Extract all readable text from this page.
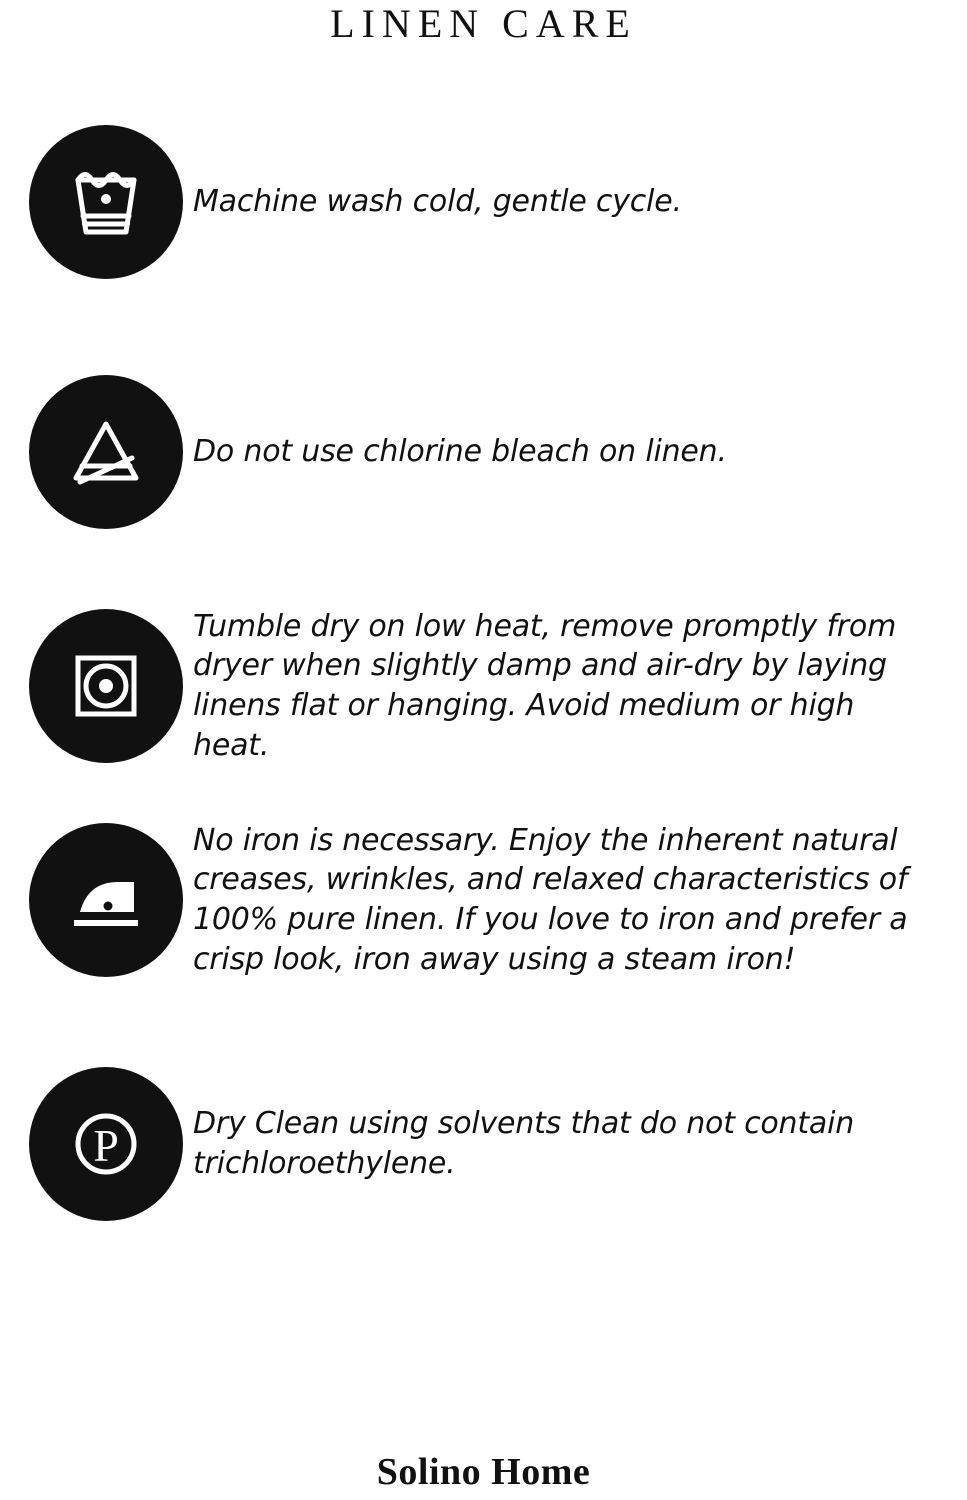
LINEN CARE
Machine wash cold, gentle cycle.
Do not use chlorine bleach on linen.
Tumble dry on low heat, remove promptly from dryer when slightly damp and air-dry by laying linens flat or hanging. Avoid medium or high heat.
No iron is necessary. Enjoy the inherent natural creases, wrinkles, and relaxed characteristics of 100% pure linen. If you love to iron and prefer a crisp look, iron away using a steam iron!
P Dry Clean using solvents that do not contain trichloroethylene.
Solino Home
